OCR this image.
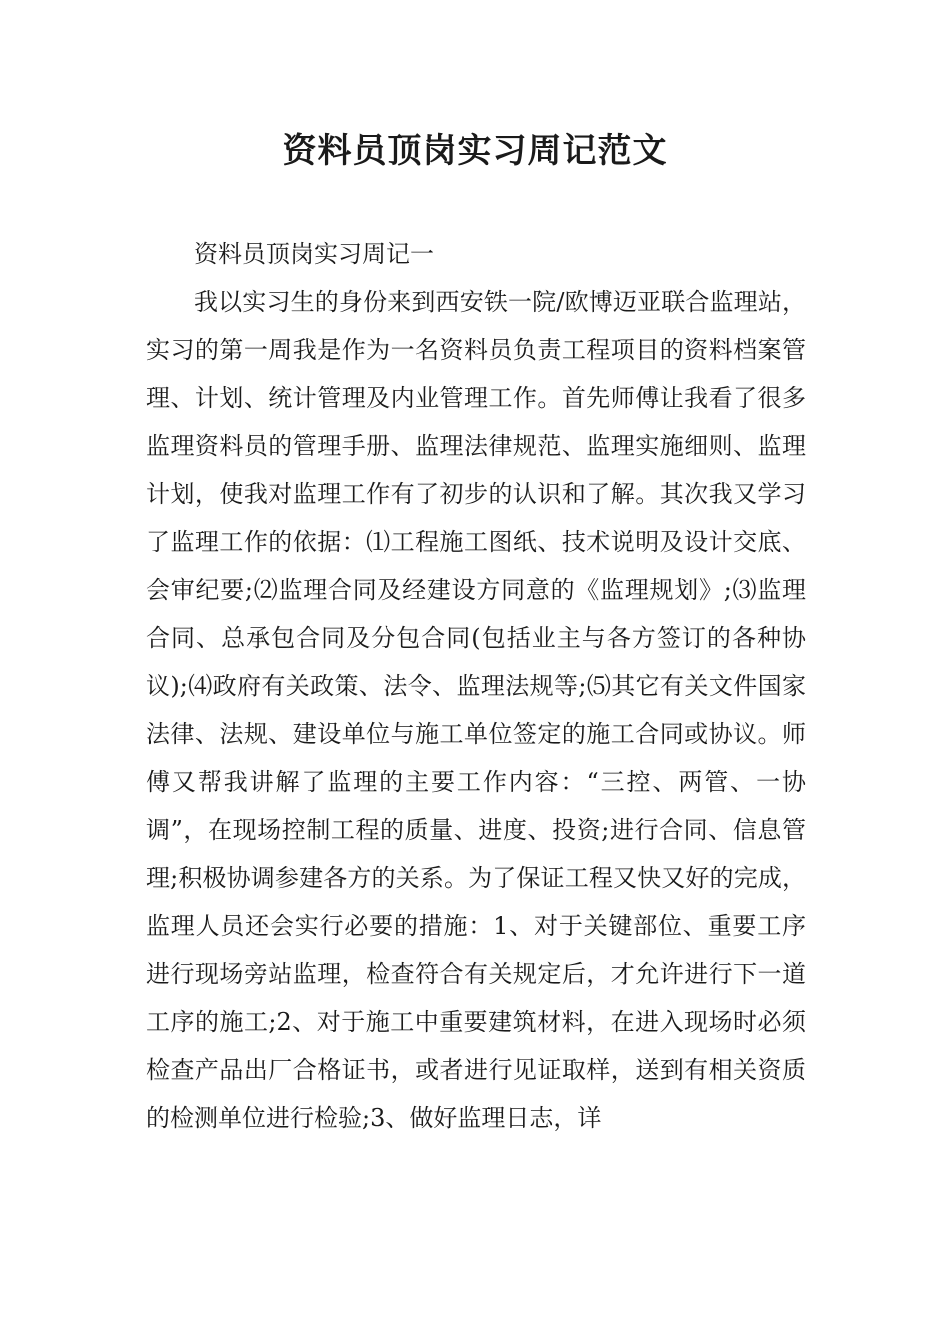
资料员顶岗实习周记范文

资料员顶岗实习周记一

我以实习生的身份来到西安铁一院/欧博迈亚联合监理站，实习的第一周我是作为一名资料员负责工程项目的资料档案管理、计划、统计管理及内业管理工作。首先师傅让我看了很多监理资料员的管理手册、监理法律规范、监理实施细则、监理计划，使我对监理工作有了初步的认识和了解。其次我又学习了监理工作的依据：⑴工程施工图纸、技术说明及设计交底、会审纪要;⑵监理合同及经建设方同意的《监理规划》;⑶监理合同、总承包合同及分包合同(包括业主与各方签订的各种协议);⑷政府有关政策、法令、监理法规等;⑸其它有关文件国家法律、法规、建设单位与施工单位签定的施工合同或协议。师傅又帮我讲解了监理的主要工作内容：“三控、两管、一协调”，在现场控制工程的质量、进度、投资;进行合同、信息管理;积极协调参建各方的关系。为了保证工程又快又好的完成，监理人员还会实行必要的措施：1、对于关键部位、重要工序进行现场旁站监理，检查符合有关规定后，才允许进行下一道工序的施工;2、对于施工中重要建筑材料，在进入现场时必须检查产品出厂合格证书，或者进行见证取样，送到有相关资质的检测单位进行检验;3、做好监理日志，详
